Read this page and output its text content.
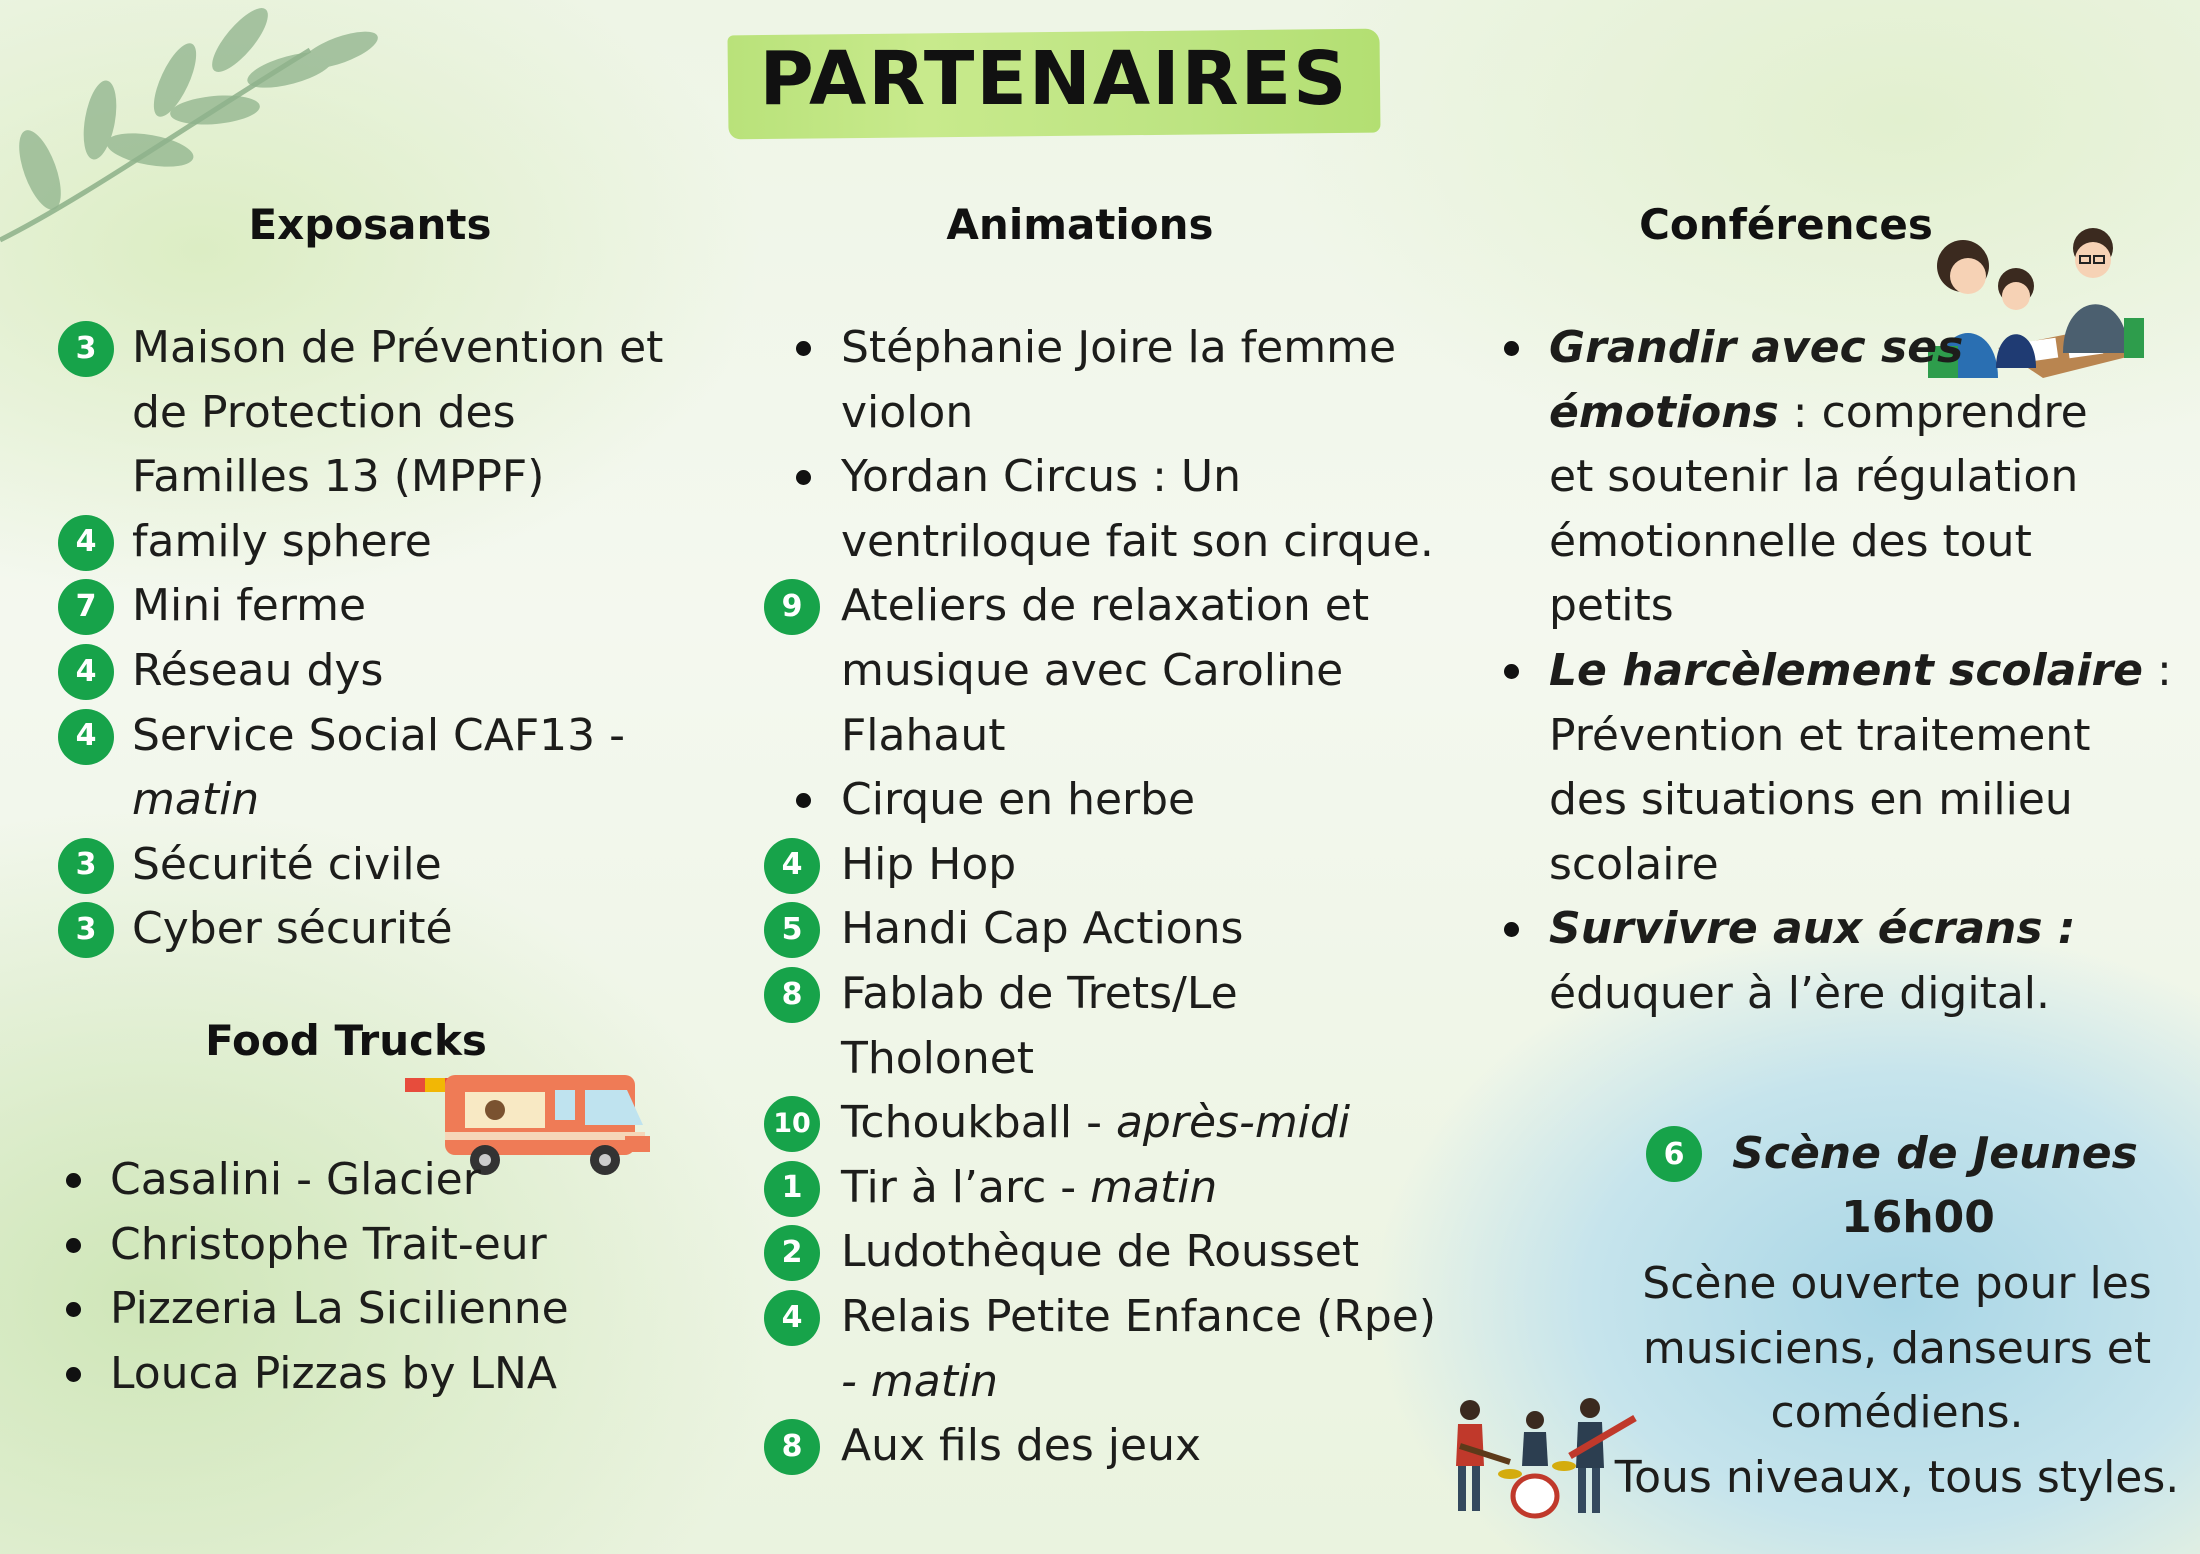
PARTENAIRES
Exposants	Animations	Conférences
3 Maison de Prévention et
de Protection des
Familles 13 (MPPF)
4 family sphere
7 Mini ferme
4 Réseau dys
4 Service Social CAF13 -
matin
3 Sécurité civile
3 Cyber sécurité
Food Trucks
Casalini - Glacier
Christophe Trait-eur
Pizzeria La Sicilienne
Louca Pizzas by LNA
Stéphanie Joire la femme
violon
Yordan Circus : Un
ventriloque fait son cirque.
9 Ateliers de relaxation et
musique avec Caroline
Flahaut
Cirque en herbe
4 Hip Hop
5 Handi Cap Actions
8 Fablab de Trets/Le
Tholonet
10 Tchoukball - après-midi
1 Tir à l’arc - matin
2 Ludothèque de Rousset
4 Relais Petite Enfance (Rpe)
- matin
8 Aux fils des jeux
Grandir avec ses
émotions : comprendre
et soutenir la régulation
émotionnelle des tout
petits
Le harcèlement scolaire :
Prévention et traitement
des situations en milieu
scolaire
Survivre aux écrans :
éduquer à l’ère digital.
6	Scène de Jeunes
16h00
Scène ouverte pour les
musiciens, danseurs et
comédiens.
Tous niveaux, tous styles.
